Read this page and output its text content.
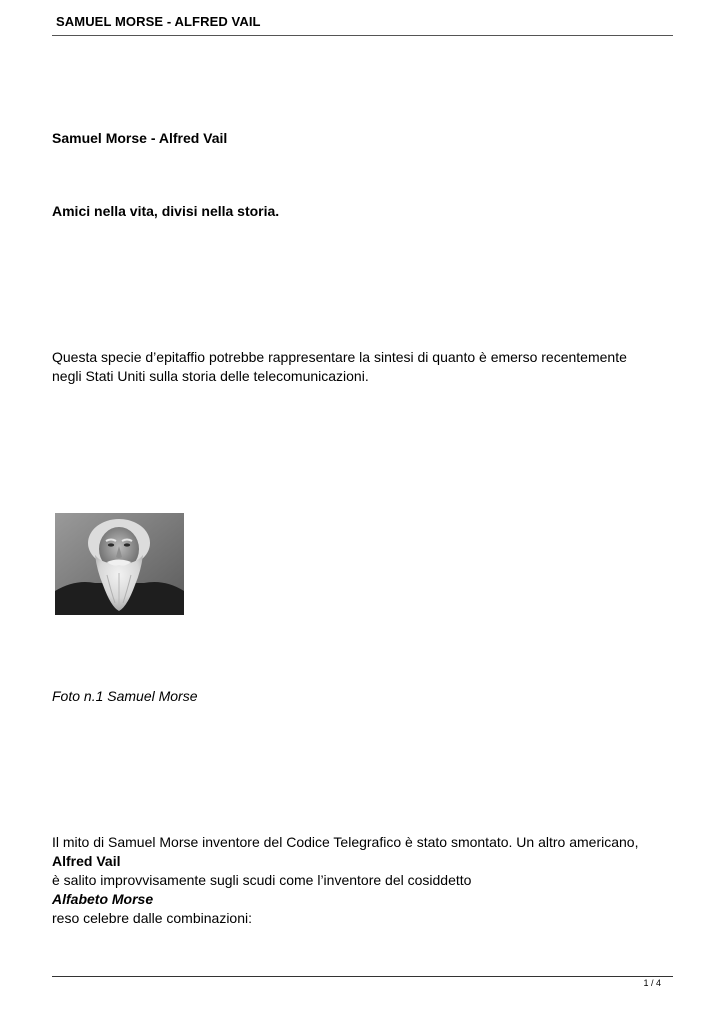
SAMUEL MORSE - ALFRED VAIL
Samuel Morse - Alfred Vail
Amici nella vita, divisi nella storia.
Questa specie d’epitaffio potrebbe rappresentare la sintesi di quanto è emerso recentemente
negli Stati Uniti sulla storia delle telecomunicazioni.
Foto n.1 Samuel Morse
Il mito di Samuel Morse inventore del Codice Telegrafico è stato smontato. Un altro americano,
Alfred Vail
è salito improvvisamente sugli scudi come l’inventore del cosiddetto
Alfabeto Morse
reso celebre dalle combinazioni:
1 / 4
